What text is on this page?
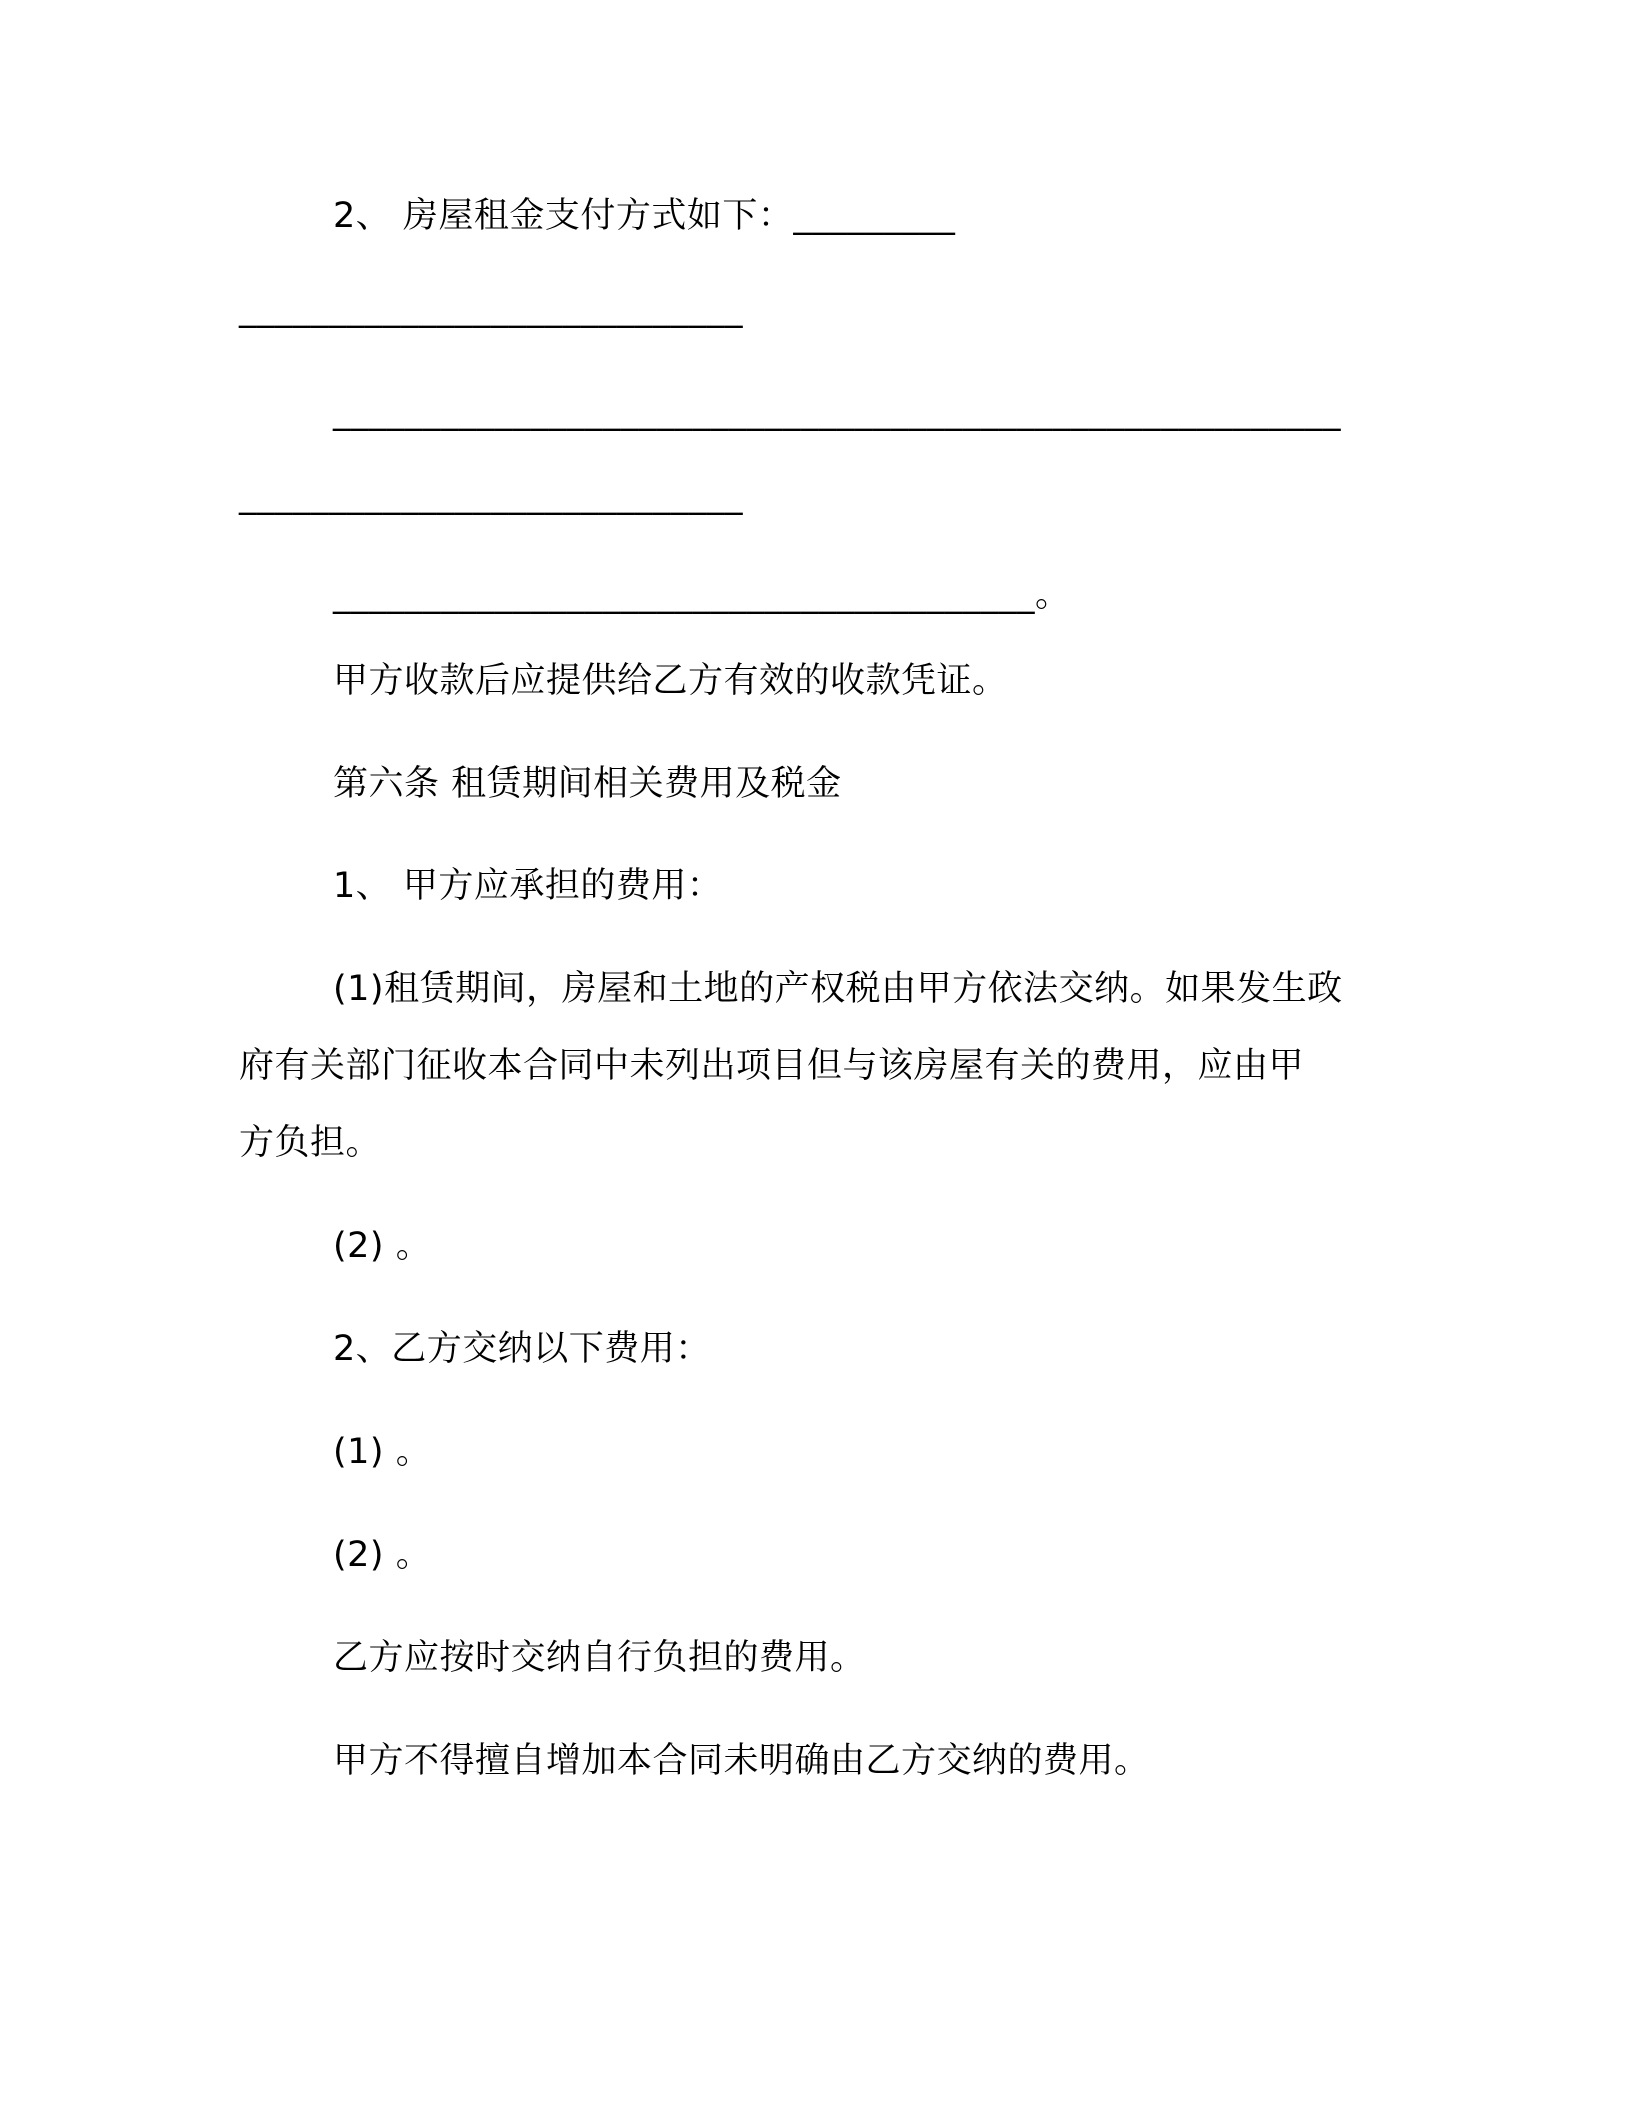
2、 房屋租金支付方式如下：_________
____________________________
________________________________________________________
____________________________
_______________________________________。
甲方收款后应提供给乙方有效的收款凭证。
第六条 租赁期间相关费用及税金
1、 甲方应承担的费用：
(1)租赁期间，房屋和土地的产权税由甲方依法交纳。如果发生政
府有关部门征收本合同中未列出项目但与该房屋有关的费用，应由甲
方负担。
(2) 。
2、乙方交纳以下费用：
(1) 。
(2) 。
乙方应按时交纳自行负担的费用。
甲方不得擅自增加本合同未明确由乙方交纳的费用。
